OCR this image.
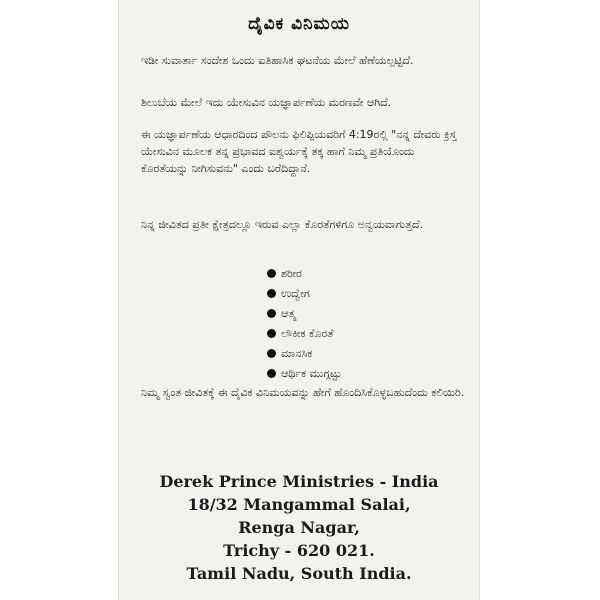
ದೈವಿಕ ವಿನಿಮಯ
ಇಡೀ ಸುವಾರ್ತಾ ಸಂದೇಶ ಒಂದು ಐತಿಹಾಸಿಕ ಘಟನೆಯ ಮೇಲೆ ಹೆಣೆಯಲ್ಪಟ್ಟಿದೆ.
ಶಿಲುಬೆಯ ಮೇಲೆ ಇದು ಯೇಸುವಿನ ಯಜ್ಞಾರ್ಪಣೆಯ ಮರಣವೇ ಆಗಿದೆ.
ಈ ಯಜ್ಞಾರ್ಪಣೆಯ ಆಧಾರದಿಂದ ಪೌಲನು ಫಿಲಿಪ್ಪಿಯವರಿಗೆ 4:19ರಲ್ಲಿ "ನನ್ನ ದೇವರು ಕ್ರಿಸ್ತ ಯೇಸುವಿನ ಮೂಲಕ ತನ್ನ ಪ್ರಭಾವದ ಐಶ್ವರ್ಯಕ್ಕೆ ತಕ್ಕ ಹಾಗೆ ನಿಮ್ಮ ಪ್ರತಿಯೊಂದು ಕೊರತೆಯನ್ನು ನೀಗಿಸುವನು" ಎಂದು ಬರೆದಿದ್ದಾನೆ.
ನಿನ್ನ ಜೀವಿತದ ಪ್ರತೀ ಕ್ಷೇತ್ರದಲ್ಲೂ ಇರುವ ಎಲ್ಲಾ ಕೊರತೆಗಳಿಗೂ ಅನ್ವಯವಾಗುತ್ತದೆ.
ಶರೀರ
ಉದ್ವೇಗ
ಆತ್ಮ
ಲೌಕೀಕ ಕೊರತೆ
ಮಾನಸಿಕ
ಆರ್ಥಿಕ ಮುಗ್ಗಟ್ಟು
ನಿಮ್ಮ ಸ್ವಂತ ಜೀವಿತಕ್ಕೆ ಈ ದೈವಿಕ ವಿನಿಮಯವನ್ನು ಹೇಗೆ ಹೊಂದಿಸಿಕೊಳ್ಳಬಹುದೆಂದು ಕಲಿಯಿರಿ.
Derek Prince Ministries - India
18/32 Mangammal Salai,
Renga Nagar,
Trichy - 620 021.
Tamil Nadu, South India.
